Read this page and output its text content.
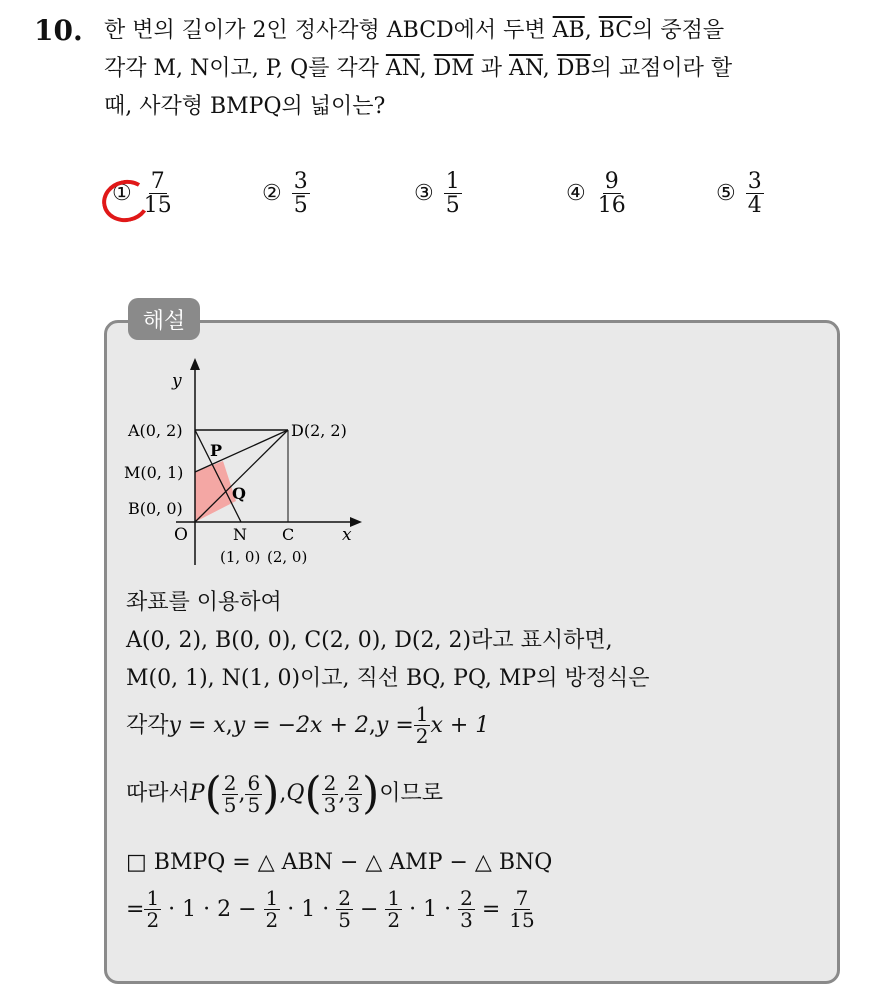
10. 한 변의 길이가 2인 정사각형 ABCD에서 두변 $\overline{AB}$, $\overline{BC}$의 중점을
각각 M, N이고, P, Q를 각각 $\overline{AN}$, $\overline{DM}$ 과 $\overline{AN}$, $\overline{DB}$의 교점이라 할
때, 사각형 BMPQ의 넓이는?
① $\frac{7}{15}$	② $\frac{3}{5}$	③ $\frac{1}{5}$	④ $\frac{9}{16}$	⑤ $\frac{3}{4}$
해설
y
x
A(0, 2)	D(2, 2)
M(0, 1)
B(0, 0)
P
Q
O	N C
(1, 0) (2, 0)
좌표를 이용하여
A(0, 2), B(0, 0), C(2, 0), D(2, 2)라고 표시하면,
M(0, 1), N(1, 0)이고, 직선 BQ, PQ, MP의 방정식은
각각 y = x , y = −2x + 2 , $y = \frac{1}{2}$ x + 1
따라서 P ( $\frac{2}{5}$ , $\frac{6}{5}$ ) , Q ( $\frac{2}{3}$ , $\frac{2}{3}$ ) 이므로
□ BMPQ = △ ABN − △ AMP − △ BNQ
= $\frac{1}{2} \cdot 1 \cdot 2 - \frac{1}{2} \cdot 1 \cdot \frac{2}{5} - \frac{1}{2} \cdot 1 \cdot \frac{2}{3} = \frac{7}{15}$
